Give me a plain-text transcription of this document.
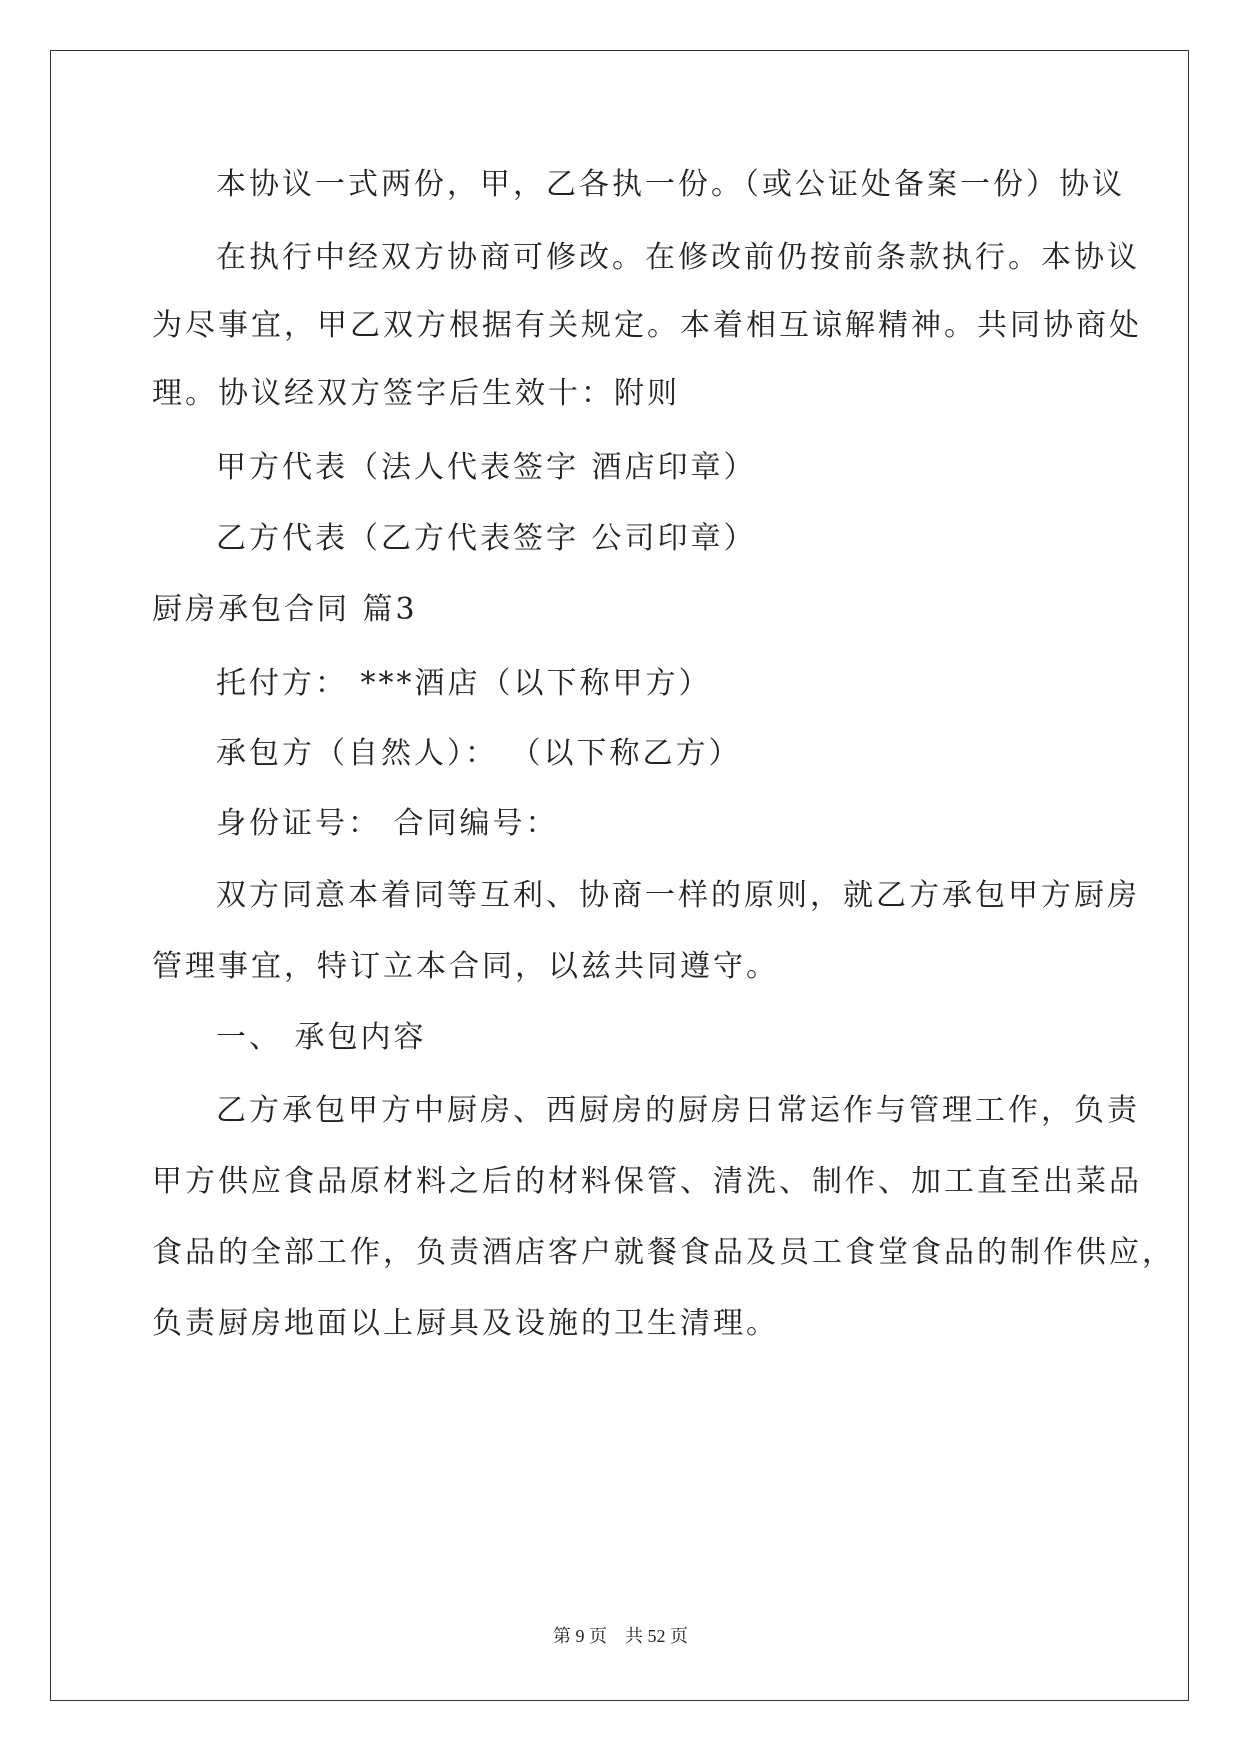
本协议一式两份，甲，乙各执一份。（或公证处备案一份）协议
在执行中经双方协商可修改。在修改前仍按前条款执行。本协议
为尽事宜，甲乙双方根据有关规定。本着相互谅解精神。共同协商处
理。协议经双方签字后生效十：附则
甲方代表（法人代表签字 酒店印章）
乙方代表（乙方代表签字 公司印章）
厨房承包合同 篇3
托付方： ***酒店（以下称甲方）
承包方（自然人）： （以下称乙方）
身份证号： 合同编号：
双方同意本着同等互利、协商一样的原则，就乙方承包甲方厨房
管理事宜，特订立本合同，以兹共同遵守。
一、 承包内容
乙方承包甲方中厨房、西厨房的厨房日常运作与管理工作，负责
甲方供应食品原材料之后的材料保管、清洗、制作、加工直至出菜品
食品的全部工作，负责酒店客户就餐食品及员工食堂食品的制作供应，
负责厨房地面以上厨具及设施的卫生清理。
第 9 页    共 52 页
